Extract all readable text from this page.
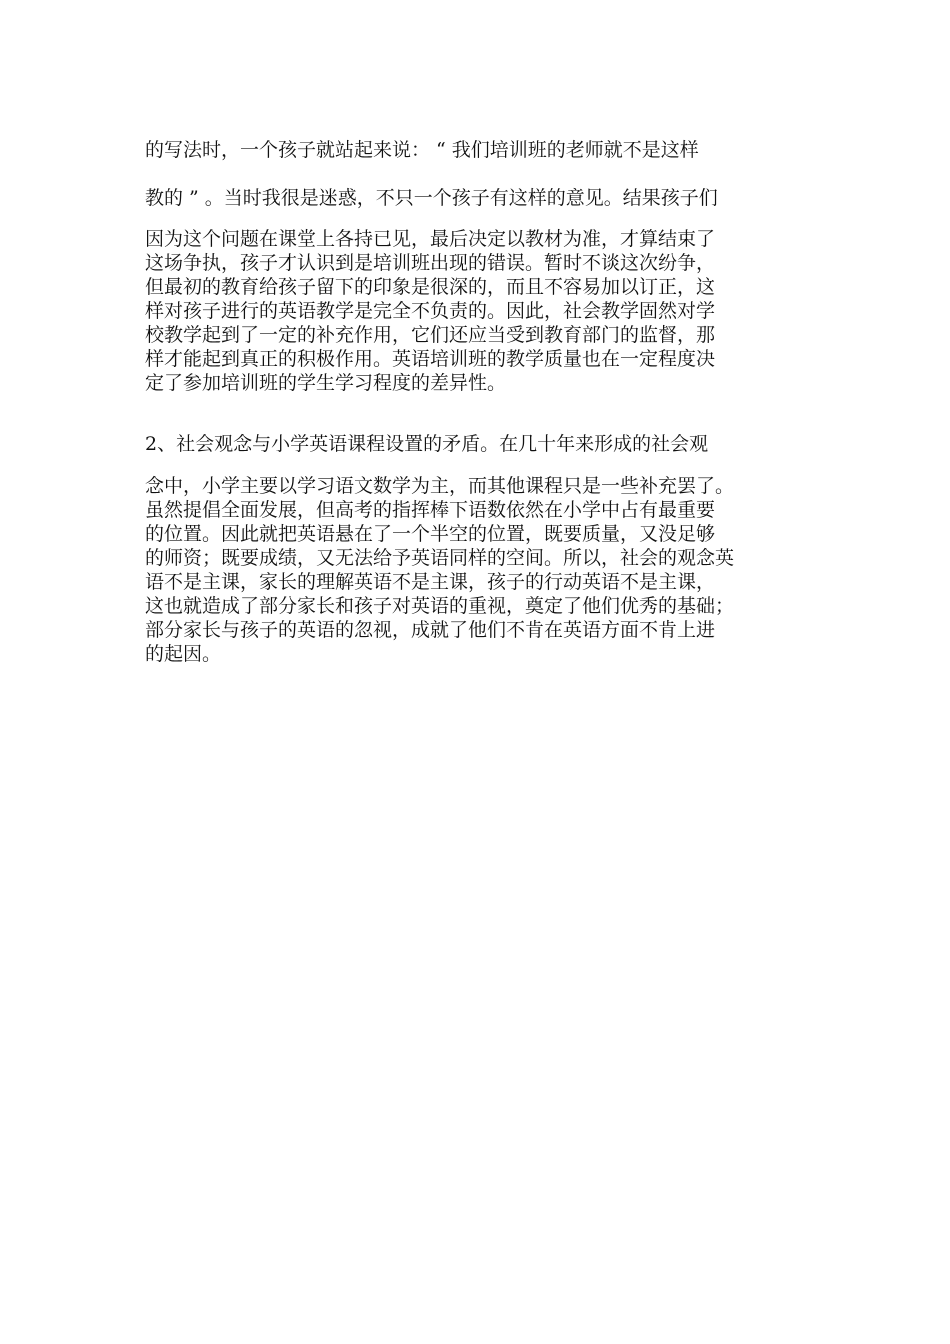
的写法时，一个孩子就站起来说： “ 我们培训班的老师就不是这样
教的 ” 。当时我很是迷惑，不只一个孩子有这样的意见。结果孩子们
因为这个问题在课堂上各持已见，最后决定以教材为准，才算结束了
这场争执，孩子才认识到是培训班出现的错误。暂时不谈这次纷争，
但最初的教育给孩子留下的印象是很深的，而且不容易加以订正，这
样对孩子进行的英语教学是完全不负责的。因此，社会教学固然对学
校教学起到了一定的补充作用，它们还应当受到教育部门的监督，那
样才能起到真正的积极作用。英语培训班的教学质量也在一定程度决
定了参加培训班的学生学习程度的差异性。
2、社会观念与小学英语课程设置的矛盾。在几十年来形成的社会观
念中，小学主要以学习语文数学为主，而其他课程只是一些补充罢了。
虽然提倡全面发展，但高考的指挥棒下语数依然在小学中占有最重要
的位置。因此就把英语悬在了一个半空的位置，既要质量，又没足够
的师资；既要成绩，又无法给予英语同样的空间。所以，社会的观念英
语不是主课，家长的理解英语不是主课，孩子的行动英语不是主课，
这也就造成了部分家长和孩子对英语的重视，奠定了他们优秀的基础；
部分家长与孩子的英语的忽视，成就了他们不肯在英语方面不肯上进
的起因。
